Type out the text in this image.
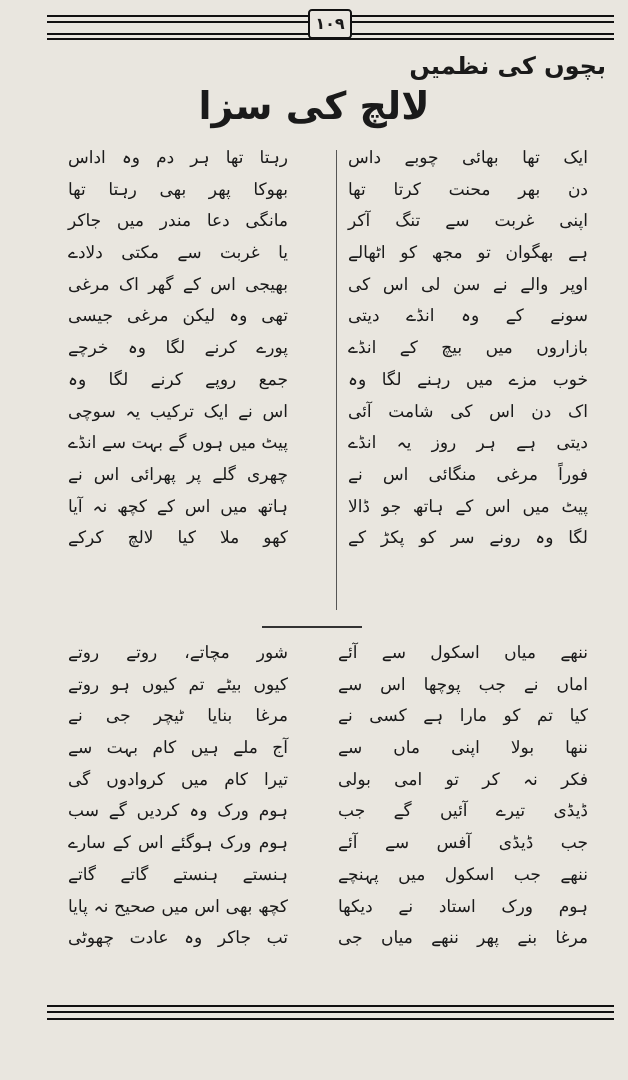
۱۰۹
بچوں کی نظمیں
لالچ کی سزا
ایک تھا بھائی چوبے داس
دن بھر محنت کرتا تھا
اپنی غربت سے تنگ آکر
ہے بھگوان تو مجھ کو اٹھالے
اوپر والے نے سن لی اس کی
سونے کے وہ انڈے دیتی
بازاروں میں بیچ کے انڈے
خوب مزے میں رہنے لگا وہ
اک دن اس کی شامت آئی
دیتی ہے ہر روز یہ انڈے
فوراً مرغی منگائی اس نے
پیٹ میں اس کے ہاتھ جو ڈالا
لگا وہ رونے سر کو پکڑ کے
رہتا تھا ہر دم وہ اداس
بھوکا پھر بھی رہتا تھا
مانگی دعا مندر میں جاکر
یا غربت سے مکتی دلادے
بھیجی اس کے گھر اک مرغی
تھی وہ لیکن مرغی جیسی
پورے کرنے لگا وہ خرچے
جمع روپے کرنے لگا وہ
اس نے ایک ترکیب یہ سوچی
پیٹ میں ہوں گے بہت سے انڈے
چھری گلے پر پھرائی اس نے
ہاتھ میں اس کے کچھ نہ آیا
کھو ملا کیا لالچ کرکے
ننھے میاں اسکول سے آئے
اماں نے جب پوچھا اس سے
کیا تم کو مارا ہے کسی نے
ننھا بولا اپنی ماں سے
فکر نہ کر تو امی بولی
ڈیڈی تیرے آئیں گے جب
جب ڈیڈی آفس سے آئے
ننھے جب اسکول میں پہنچے
ہوم ورک استاد نے دیکھا
مرغا بنے پھر ننھے میاں جی
شور مچاتے، روتے روتے
کیوں بیٹے تم کیوں ہو روتے
مرغا بنایا ٹیچر جی نے
آج ملے ہیں کام بہت سے
تیرا کام میں کروادوں گی
ہوم ورک وہ کردیں گے سب
ہوم ورک ہوگئے اس کے سارے
ہنستے ہنستے گاتے گاتے
کچھ بھی اس میں صحیح نہ پایا
تب جاکر وہ عادت چھوٹی
